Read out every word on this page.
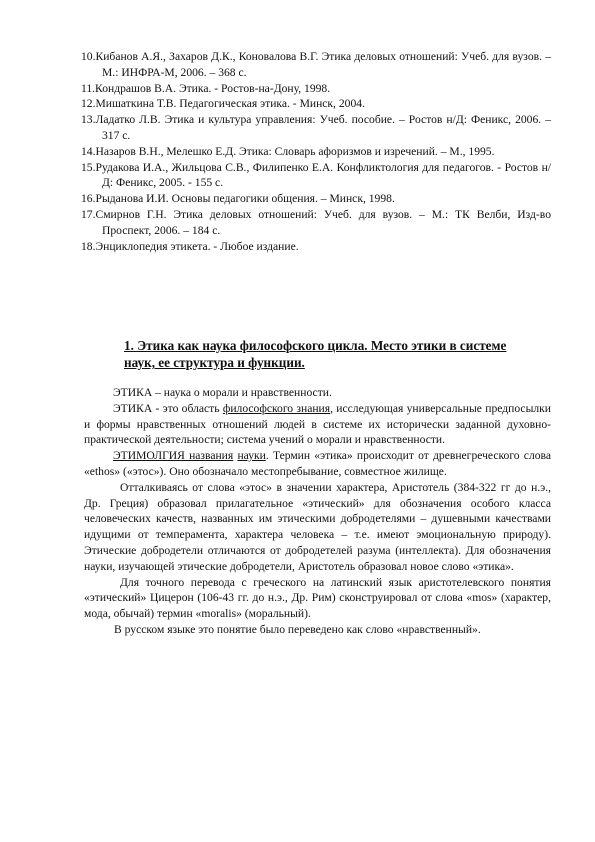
10.Кибанов А.Я., Захаров Д.К., Коновалова В.Г. Этика деловых отношений: Учеб. для вузов. – М.: ИНФРА-М, 2006. – 368 с.

11.Кондрашов В.А. Этика. - Ростов-на-Дону, 1998.

12.Мишаткина Т.В. Педагогическая этика. - Минск, 2004.

13.Ладатко Л.В. Этика и культура управления: Учеб. пособие. – Ростов н/Д: Феникс, 2006. – 317 с.

14.Назаров В.Н., Мелешко Е.Д. Этика: Словарь афоризмов и изречений. – М., 1995.

15.Рудакова И.А., Жильцова С.В., Филипенко Е.А. Конфликтология для педагогов. - Ростов н/Д: Феникс, 2005. - 155 с.

16.Рыданова И.И. Основы педагогики общения. – Минск, 1998.

17.Смирнов Г.Н. Этика деловых отношений: Учеб. для вузов. – М.: ТК Велби, Изд-во Проспект, 2006. – 184 с.

18.Энциклопедия этикета. - Любое издание.

1. Этика как наука философского цикла. Место этики в системе наук, ее структура и функции.

ЭТИКА – наука о морали и нравственности.

ЭТИКА - это область философского знания, исследующая универсальные предпосылки и формы нравственных отношений людей в системе их исторически заданной духовно-практической деятельности; система учений о морали и нравственности.

ЭТИМОЛГИЯ названия науки. Термин «этика» происходит от древнегреческого слова «ethos» («этос»). Оно обозначало местопребывание, совместное жилище.

Отталкиваясь от слова «этос» в значении характера, Аристотель (384-322 гг до н.э., Др. Греция) образовал прилагательное «этический» для обозначения особого класса человеческих качеств, названных им этическими добродетелями – душевными качествами идущими от темперамента, характера человека – т.е. имеют эмоциональную природу). Этические добродетели отличаются от добродетелей разума (интеллекта). Для обозначения науки, изучающей этические добродетели, Аристотель образовал новое слово «этика».

Для точного перевода с греческого на латинский язык аристотелевского понятия «этический» Цицерон (106-43 гг. до н.э., Др. Рим) сконструировал от слова «mos» (характер, мода, обычай) термин «moralis» (моральный).

В русском языке это понятие было переведено как слово «нравственный».
